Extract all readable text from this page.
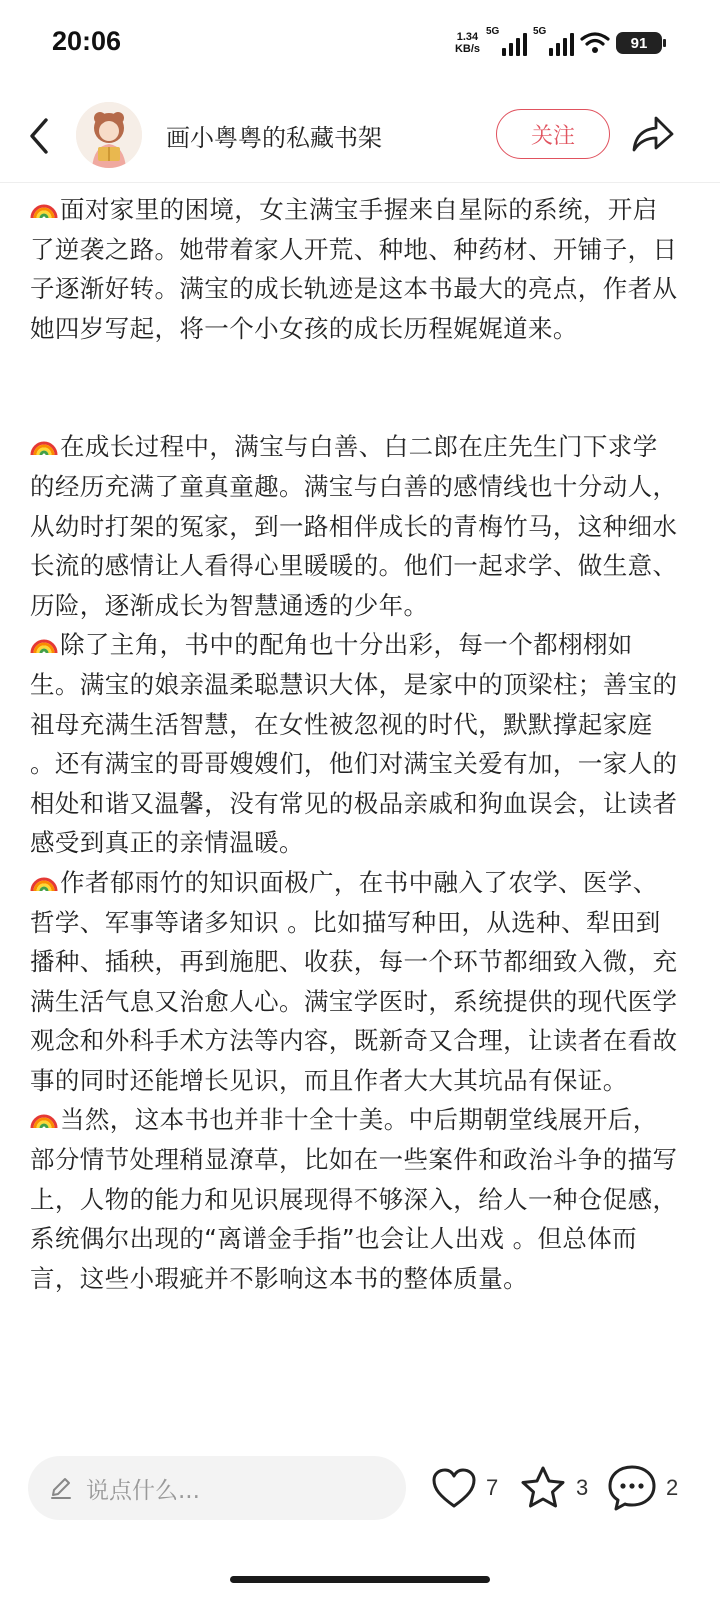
20:06	1.34
KB/s
5G	5G
91
画小粤粤的私藏书架	关注

面对家里的困境，女主满宝手握来自星际的系统，开启了逆袭之路。她带着家人开荒、种地、种药材、开铺子，日子逐渐好转。满宝的成长轨迹是这本书最大的亮点，作者从她四岁写起，将一个小女孩的成长历程娓娓道来。

在成长过程中，满宝与白善、白二郎在庄先生门下求学的经历充满了童真童趣。满宝与白善的感情线也十分动人，从幼时打架的冤家，到一路相伴成长的青梅竹马，这种细水长流的感情让人看得心里暖暖的。他们一起求学、做生意、历险，逐渐成长为智慧通透的少年。

除了主角，书中的配角也十分出彩，每一个都栩栩如生。满宝的娘亲温柔聪慧识大体，是家中的顶梁柱；善宝的祖母充满生活智慧，在女性被忽视的时代，默默撑起家庭 。还有满宝的哥哥嫂嫂们，他们对满宝关爱有加，一家人的相处和谐又温馨，没有常见的极品亲戚和狗血误会，让读者感受到真正的亲情温暖。

作者郁雨竹的知识面极广，在书中融入了农学、医学、哲学、军事等诸多知识 。比如描写种田，从选种、犁田到播种、插秧，再到施肥、收获，每一个环节都细致入微，充满生活气息又治愈人心。满宝学医时，系统提供的现代医学观念和外科手术方法等内容，既新奇又合理，让读者在看故事的同时还能增长见识，而且作者大大其坑品有保证。

当然，这本书也并非十全十美。中后期朝堂线展开后，部分情节处理稍显潦草，比如在一些案件和政治斗争的描写上，人物的能力和见识展现得不够深入，给人一种仓促感，系统偶尔出现的“离谱金手指”也会让人出戏 。但总体而言，这些小瑕疵并不影响这本书的整体质量。

说点什么...	7	3	2
